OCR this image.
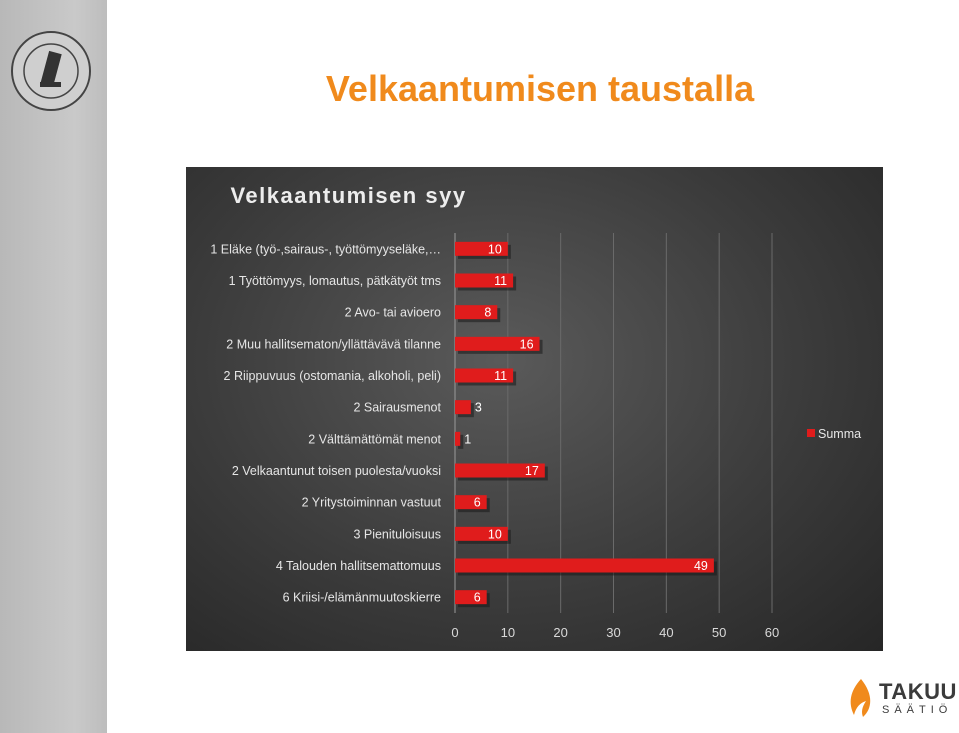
Velkaantumisen taustalla
0	10	20	30	40	50	60
1 Eläke (työ-,sairaus-, työttömyyseläke,…	10
1 Työttömyys, lomautus, pätkätyöt tms	11
2 Avo- tai avioero	8
2 Muu hallitsematon/yllättävävä tilanne	16
2 Riippuvuus (ostomania, alkoholi, peli)	11
2 Sairausmenot	3
2 Välttämättömät menot 1
2 Velkaantunut toisen puolesta/vuoksi	17
2 Yritystoiminnan vastuut	6
3 Pienituloisuus	10
4 Talouden hallitsemattomuus	49
6 Kriisi-/elämänmuutoskierre	6
Summa
Velkaantumisen syy
TAKUU
SÄÄTIÖ
